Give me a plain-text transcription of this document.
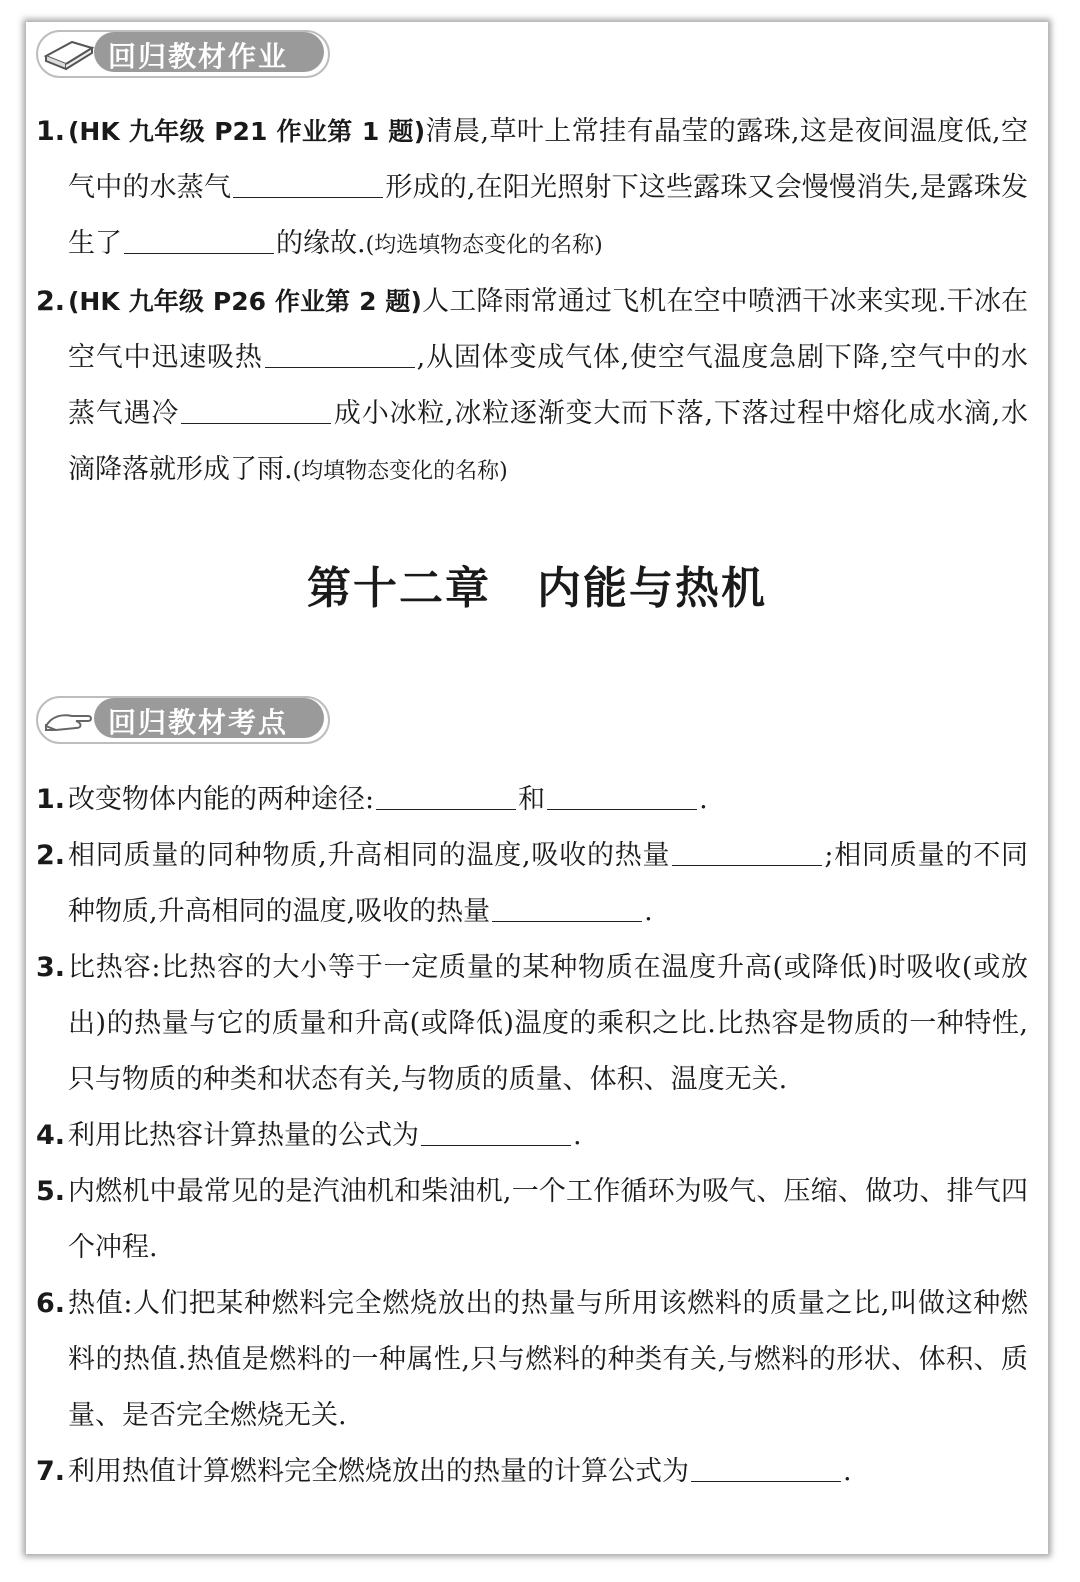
回归教材作业
1. (HK 九年级 P21 作业第 1 题)清晨,草叶上常挂有晶莹的露珠,这是夜间温度低,空气中的水蒸气	形成的,在阳光照射下这些露珠又会慢慢消失,是露珠发生了	的缘故.(均选填物态变化的名称)
2. (HK 九年级 P26 作业第 2 题)人工降雨常通过飞机在空中喷洒干冰来实现.干冰在空气中迅速吸热	,从固体变成气体,使空气温度急剧下降,空气中的水蒸气遇冷	成小冰粒,冰粒逐渐变大而下落,下落过程中熔化成水滴,水滴降落就形成了雨.(均填物态变化的名称)
第十二章　内能与热机
回归教材考点
1. 改变物体内能的两种途径:	和	.
2. 相同质量的同种物质,升高相同的温度,吸收的热量	;相同质量的不同种物质,升高相同的温度,吸收的热量	.
3. 比热容:比热容的大小等于一定质量的某种物质在温度升高(或降低)时吸收(或放出)的热量与它的质量和升高(或降低)温度的乘积之比.比热容是物质的一种特性,只与物质的种类和状态有关,与物质的质量、体积、温度无关.
4. 利用比热容计算热量的公式为	.
5. 内燃机中最常见的是汽油机和柴油机,一个工作循环为吸气、压缩、做功、排气四个冲程.
6. 热值:人们把某种燃料完全燃烧放出的热量与所用该燃料的质量之比,叫做这种燃料的热值.热值是燃料的一种属性,只与燃料的种类有关,与燃料的形状、体积、质量、是否完全燃烧无关.
7. 利用热值计算燃料完全燃烧放出的热量的计算公式为	.
